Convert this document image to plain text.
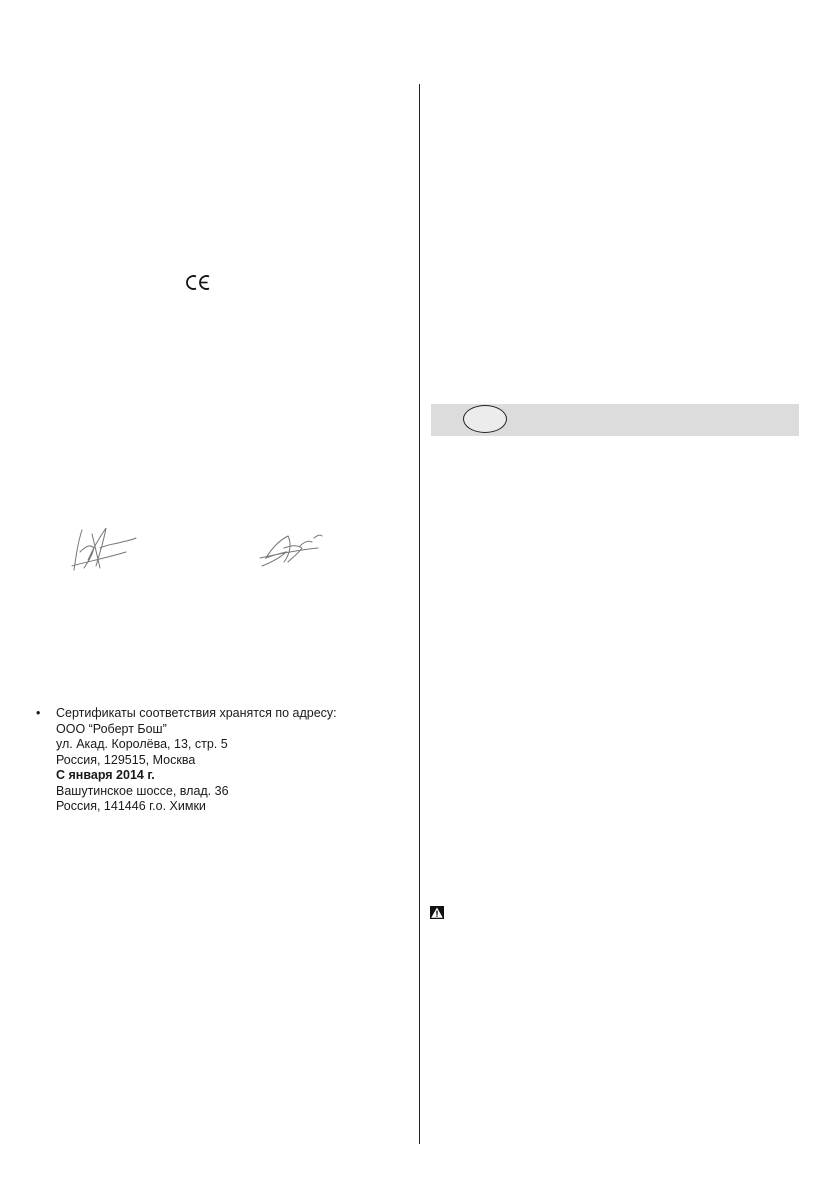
•	Сертификаты соответствия хранятся по адресу:
ООО “Роберт Бош”
ул. Акад. Королёва, 13, стр. 5
Россия, 129515, Москва
С января 2014 г.
Вашутинское шоссе, влад. 36
Россия, 141446 г.о. Химки
